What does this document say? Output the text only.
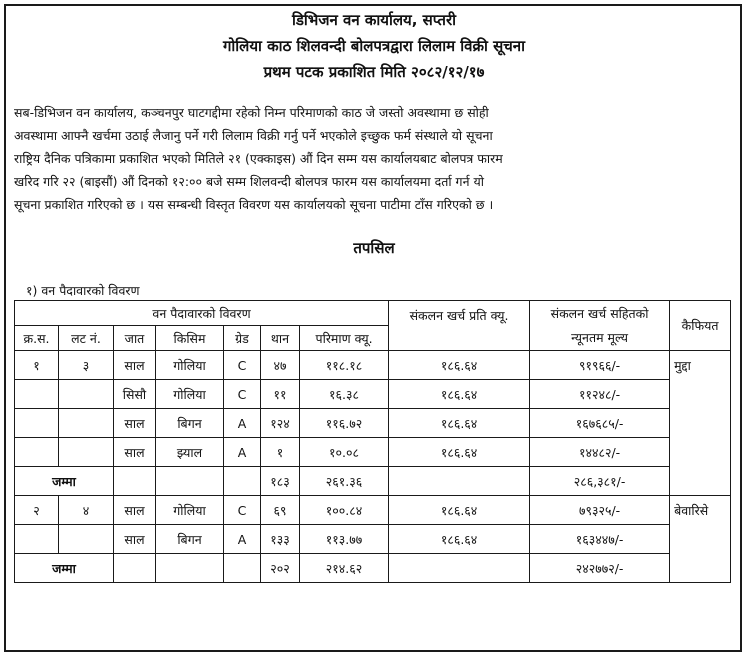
डिभिजन वन कार्यालय, सप्तरी
गोलिया काठ शिलवन्दी बोलपत्रद्वारा लिलाम विक्री सूचना
प्रथम पटक प्रकाशित मिति २०८२/१२/१७
सब-डिभिजन वन कार्यालय, कञ्चनपुर घाटगद्दीमा रहेको निम्न परिमाणको काठ जे जस्तो अवस्थामा छ सोही
अवस्थामा आफ्नै खर्चमा उठाई लैजानु पर्ने गरी लिलाम विक्री गर्नु पर्ने भएकोले इच्छुक फर्म संस्थाले यो सूचना
राष्ट्रिय दैनिक पत्रिकामा प्रकाशित भएको मितिले २१ (एक्काइस) औं दिन सम्म यस कार्यालयबाट बोलपत्र फारम
खरिद गरि २२ (बाइसौं) औं दिनको १२:०० बजे सम्म शिलवन्दी बोलपत्र फारम यस कार्यालयमा दर्ता गर्न यो
सूचना प्रकाशित गरिएको छ । यस सम्बन्धी विस्तृत विवरण यस कार्यालयको सूचना पाटीमा टाँस गरिएको छ ।
तपसिल
१) वन पैदावारको विवरण
वन पैदावारको विवरण							संकलन खर्च प्रति क्यू.	संकलन खर्च सहितको	कैफियत
क्र.स.	लट नं.	जात	किसिम	ग्रेड	थान	परिमाण क्यू.		न्यूनतम मूल्य	
१	३	साल	गोलिया	C	४७	११८.१८	१८६.६४	९१९६६/-	मुद्दा
		सिसौ	गोलिया	C	११	१६.३८	१८६.६४	११२४८/-	
		साल	बिगन	A	१२४	११६.७२	१८६.६४	१६७६८५/-	
		साल	झ्याल	A	१	१०.०८	१८६.६४	१४४८२/-	
जम्मा					१८३	२६१.३६		२८६,३८१/-	
२	४	साल	गोलिया	C	६९	१००.८४	१८६.६४	७९३२५/-	बेवारिसे
		साल	बिगन	A	१३३	११३.७७	१८६.६४	१६३४४७/-	
जम्मा					२०२	२१४.६२		२४२७७२/-	
